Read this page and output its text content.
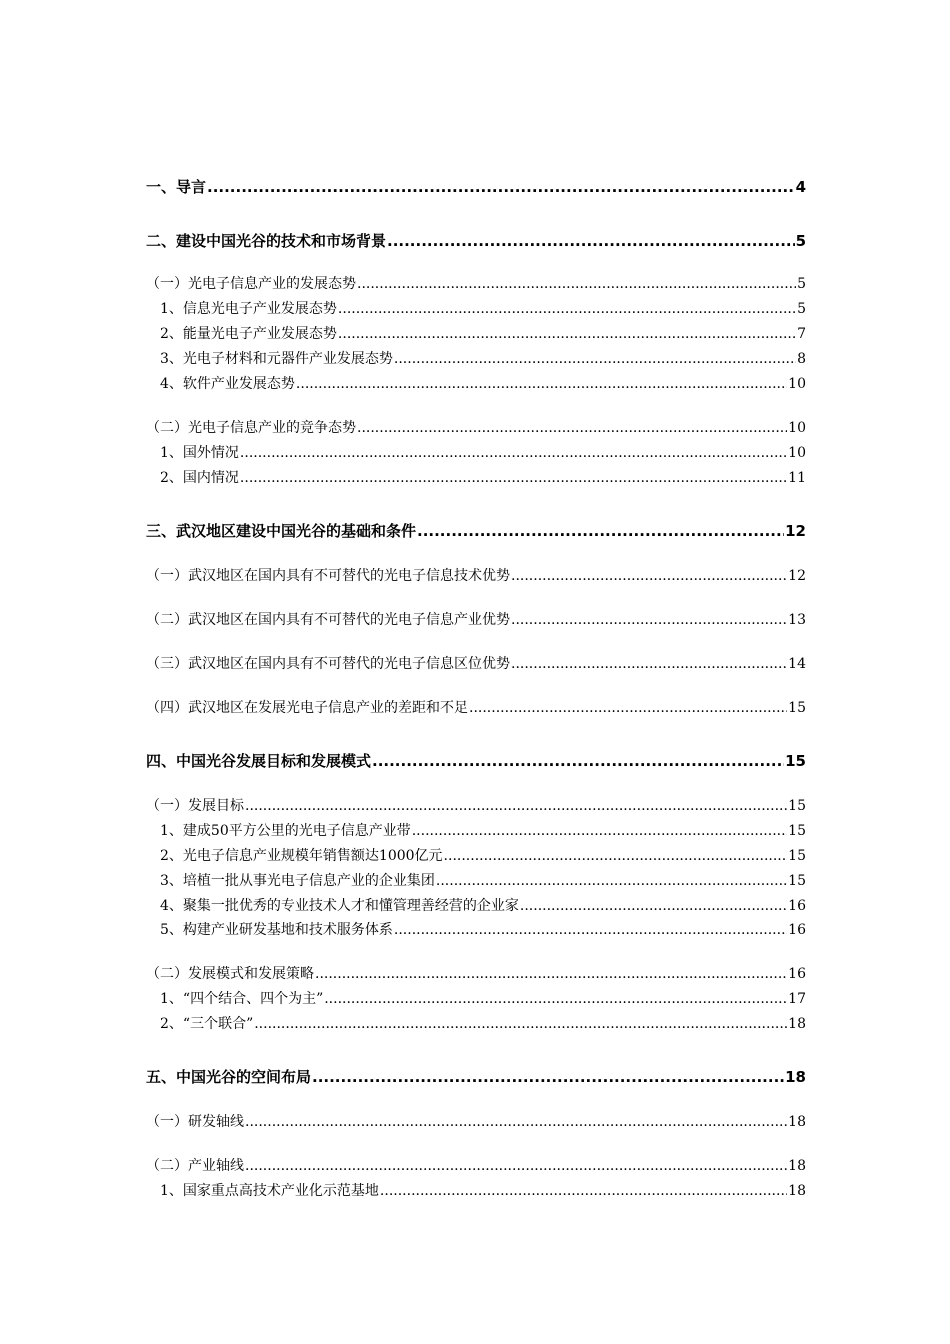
一、导言 .....	4
二、建设中国光谷的技术和市场背景 .....	5
（一）光电子信息产业的发展态势 .....	5
1、信息光电子产业发展态势 .....	5
2、能量光电子产业发展态势 .....	7
3、光电子材料和元器件产业发展态势 .....	8
4、软件产业发展态势 .....	10
（二）光电子信息产业的竞争态势 .....	10
1、国外情况 .....	10
2、国内情况 .....	11
三、武汉地区建设中国光谷的基础和条件 .....	12
（一）武汉地区在国内具有不可替代的光电子信息技术优势 .....	12
（二）武汉地区在国内具有不可替代的光电子信息产业优势 .....	13
（三）武汉地区在国内具有不可替代的光电子信息区位优势 .....	14
（四）武汉地区在发展光电子信息产业的差距和不足 .....	15
四、中国光谷发展目标和发展模式 .....	15
（一）发展目标 .....	15
1、建成50平方公里的光电子信息产业带 .....	15
2、光电子信息产业规模年销售额达1000亿元 .....	15
3、培植一批从事光电子信息产业的企业集团 .....	15
4、聚集一批优秀的专业技术人才和懂管理善经营的企业家 .....	16
5、构建产业研发基地和技术服务体系 .....	16
（二）发展模式和发展策略 .....	16
1、“四个结合、四个为主” .....	17
2、“三个联合” .....	18
五、中国光谷的空间布局 .....	18
（一）研发轴线 .....	18
（二）产业轴线 .....	18
1、国家重点高技术产业化示范基地 .....	18
